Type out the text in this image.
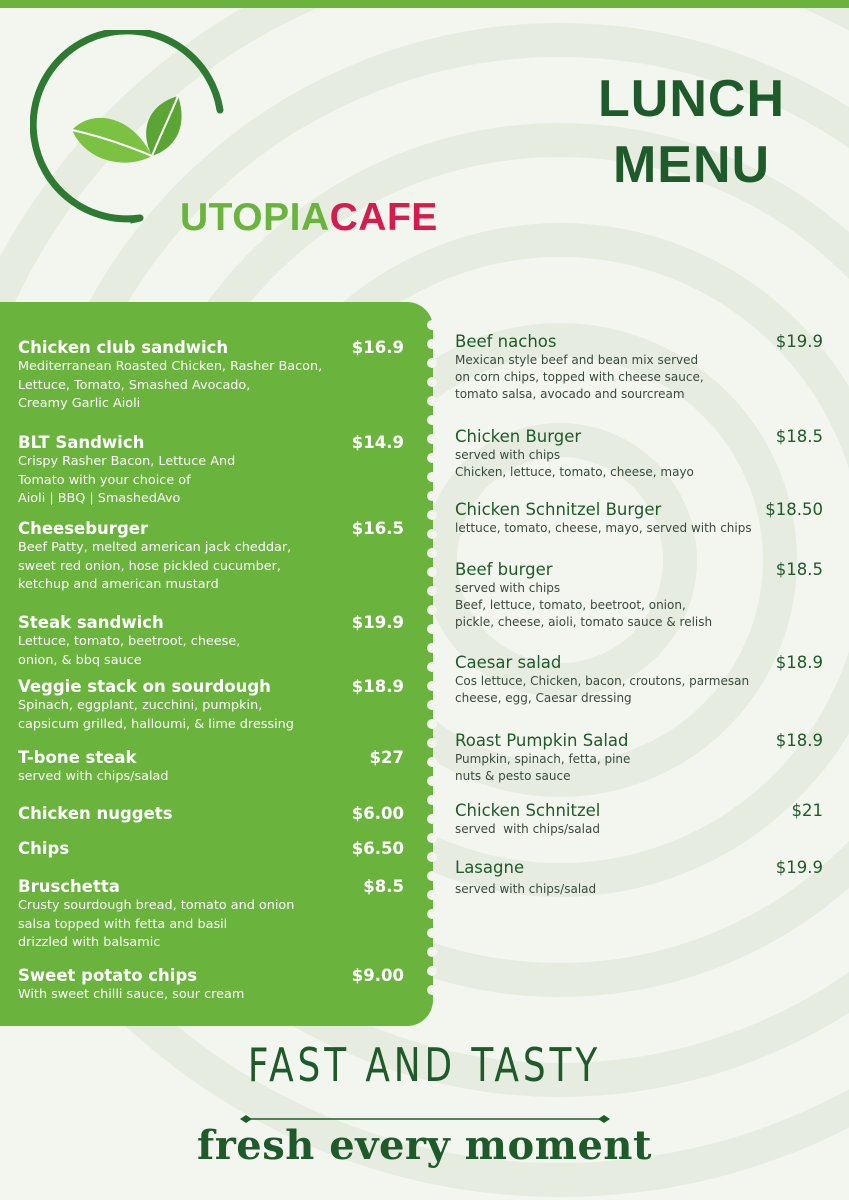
UTOPIACAFE
LUNCH
MENU
Chicken club sandwich	$16.9
Mediterranean Roasted Chicken, Rasher Bacon,
Lettuce, Tomato, Smashed Avocado,
Creamy Garlic Aioli
BLT Sandwich	$14.9
Crispy Rasher Bacon, Lettuce And
Tomato with your choice of
Aioli | BBQ | SmashedAvo
Cheeseburger	$16.5
Beef Patty, melted american jack cheddar,
sweet red onion, hose pickled cucumber,
ketchup and american mustard
Steak sandwich	$19.9
Lettuce, tomato, beetroot, cheese,
onion, & bbq sauce
Veggie stack on sourdough	$18.9
Spinach, eggplant, zucchini, pumpkin,
capsicum grilled, halloumi, & lime dressing
T-bone steak	$27
served with chips/salad
Chicken nuggets	$6.00
Chips	$6.50
Bruschetta	$8.5
Crusty sourdough bread, tomato and onion
salsa topped with fetta and basil
drizzled with balsamic
Sweet potato chips	$9.00
With sweet chilli sauce, sour cream
Beef nachos	$19.9
Mexican style beef and bean mix served
on corn chips, topped with cheese sauce,
tomato salsa, avocado and sourcream
Chicken Burger	$18.5
served with chips
Chicken, lettuce, tomato, cheese, mayo
Chicken Schnitzel Burger	$18.50
lettuce, tomato, cheese, mayo, served with chips
Beef burger	$18.5
served with chips
Beef, lettuce, tomato, beetroot, onion,
pickle, cheese, aioli, tomato sauce & relish
Caesar salad	$18.9
Cos lettuce, Chicken, bacon, croutons, parmesan
cheese, egg, Caesar dressing
Roast Pumpkin Salad	$18.9
Pumpkin, spinach, fetta, pine
nuts & pesto sauce
Chicken Schnitzel	$21
served  with chips/salad
Lasagne	$19.9
served with chips/salad
FAST AND TASTY
fresh every moment
